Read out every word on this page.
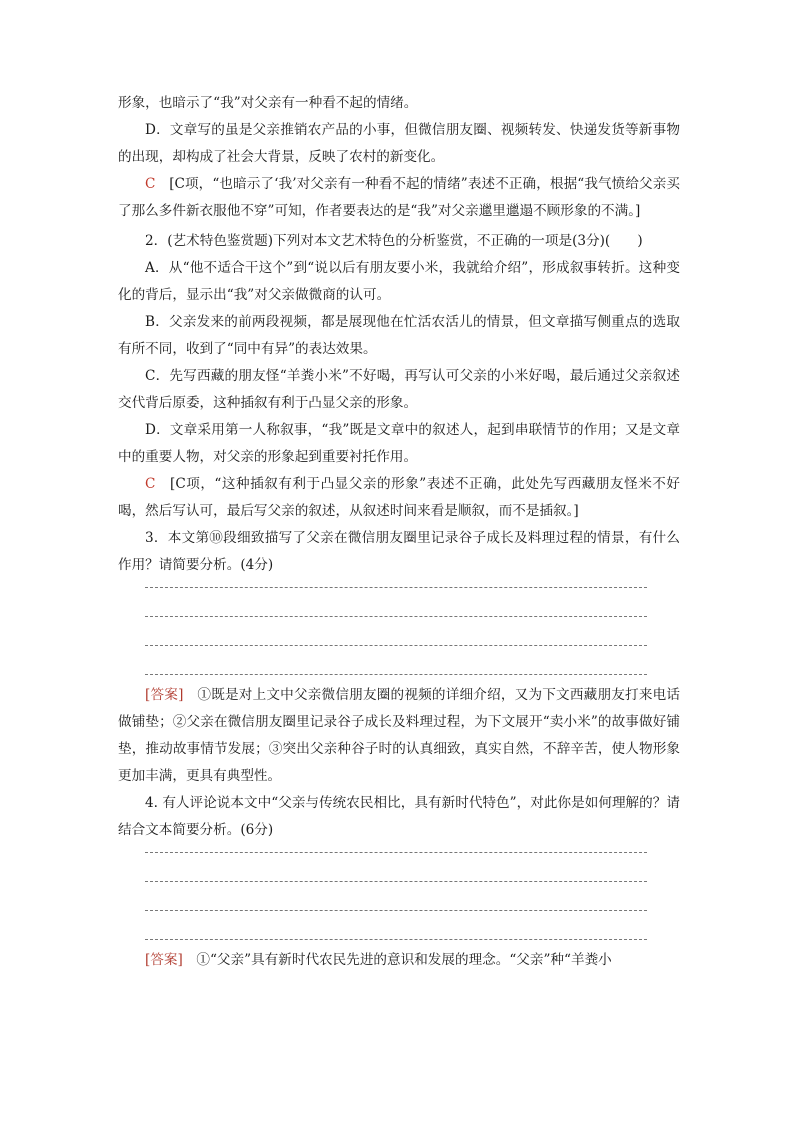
形象，也暗示了“我”对父亲有一种看不起的情绪。

D．文章写的虽是父亲推销农产品的小事，但微信朋友圈、视频转发、快递发货等新事物的出现，却构成了社会大背景，反映了农村的新变化。

C　 [C项，“也暗示了‘我’对父亲有一种看不起的情绪”表述不正确，根据“我气愤给父亲买了那么多件新衣服他不穿”可知，作者要表达的是“我”对父亲邋里邋遢不顾形象的不满。]

2．(艺术特色鉴赏题)下列对本文艺术特色的分析鉴赏，不正确的一项是(3分)(　　)

A．从“他不适合干这个”到“说以后有朋友要小米，我就给介绍”，形成叙事转折。这种变化的背后，显示出“我”对父亲做微商的认可。

B．父亲发来的前两段视频，都是展现他在忙活农活儿的情景，但文章描写侧重点的选取有所不同，收到了“同中有异”的表达效果。

C．先写西藏的朋友怪“羊粪小米”不好喝，再写认可父亲的小米好喝，最后通过父亲叙述交代背后原委，这种插叙有利于凸显父亲的形象。

D．文章采用第一人称叙事，“我”既是文章中的叙述人，起到串联情节的作用；又是文章中的重要人物，对父亲的形象起到重要衬托作用。

C　 [C项，“这种插叙有利于凸显父亲的形象”表述不正确，此处先写西藏朋友怪米不好喝，然后写认可，最后写父亲的叙述，从叙述时间来看是顺叙，而不是插叙。]

3．本文第⑩段细致描写了父亲在微信朋友圈里记录谷子成长及料理过程的情景，有什么作用？请简要分析。(4分)

[答案]　 ①既是对上文中父亲微信朋友圈的视频的详细介绍，又为下文西藏朋友打来电话做铺垫；②父亲在微信朋友圈里记录谷子成长及料理过程，为下文展开“卖小米”的故事做好铺垫，推动故事情节发展；③突出父亲种谷子时的认真细致，真实自然，不辞辛苦，使人物形象更加丰满，更具有典型性。

4. 有人评论说本文中“父亲与传统农民相比，具有新时代特色”，对此你是如何理解的？请结合文本简要分析。(6分)

[答案]　 ①“父亲”具有新时代农民先进的意识和发展的理念。“父亲”种“羊粪小
